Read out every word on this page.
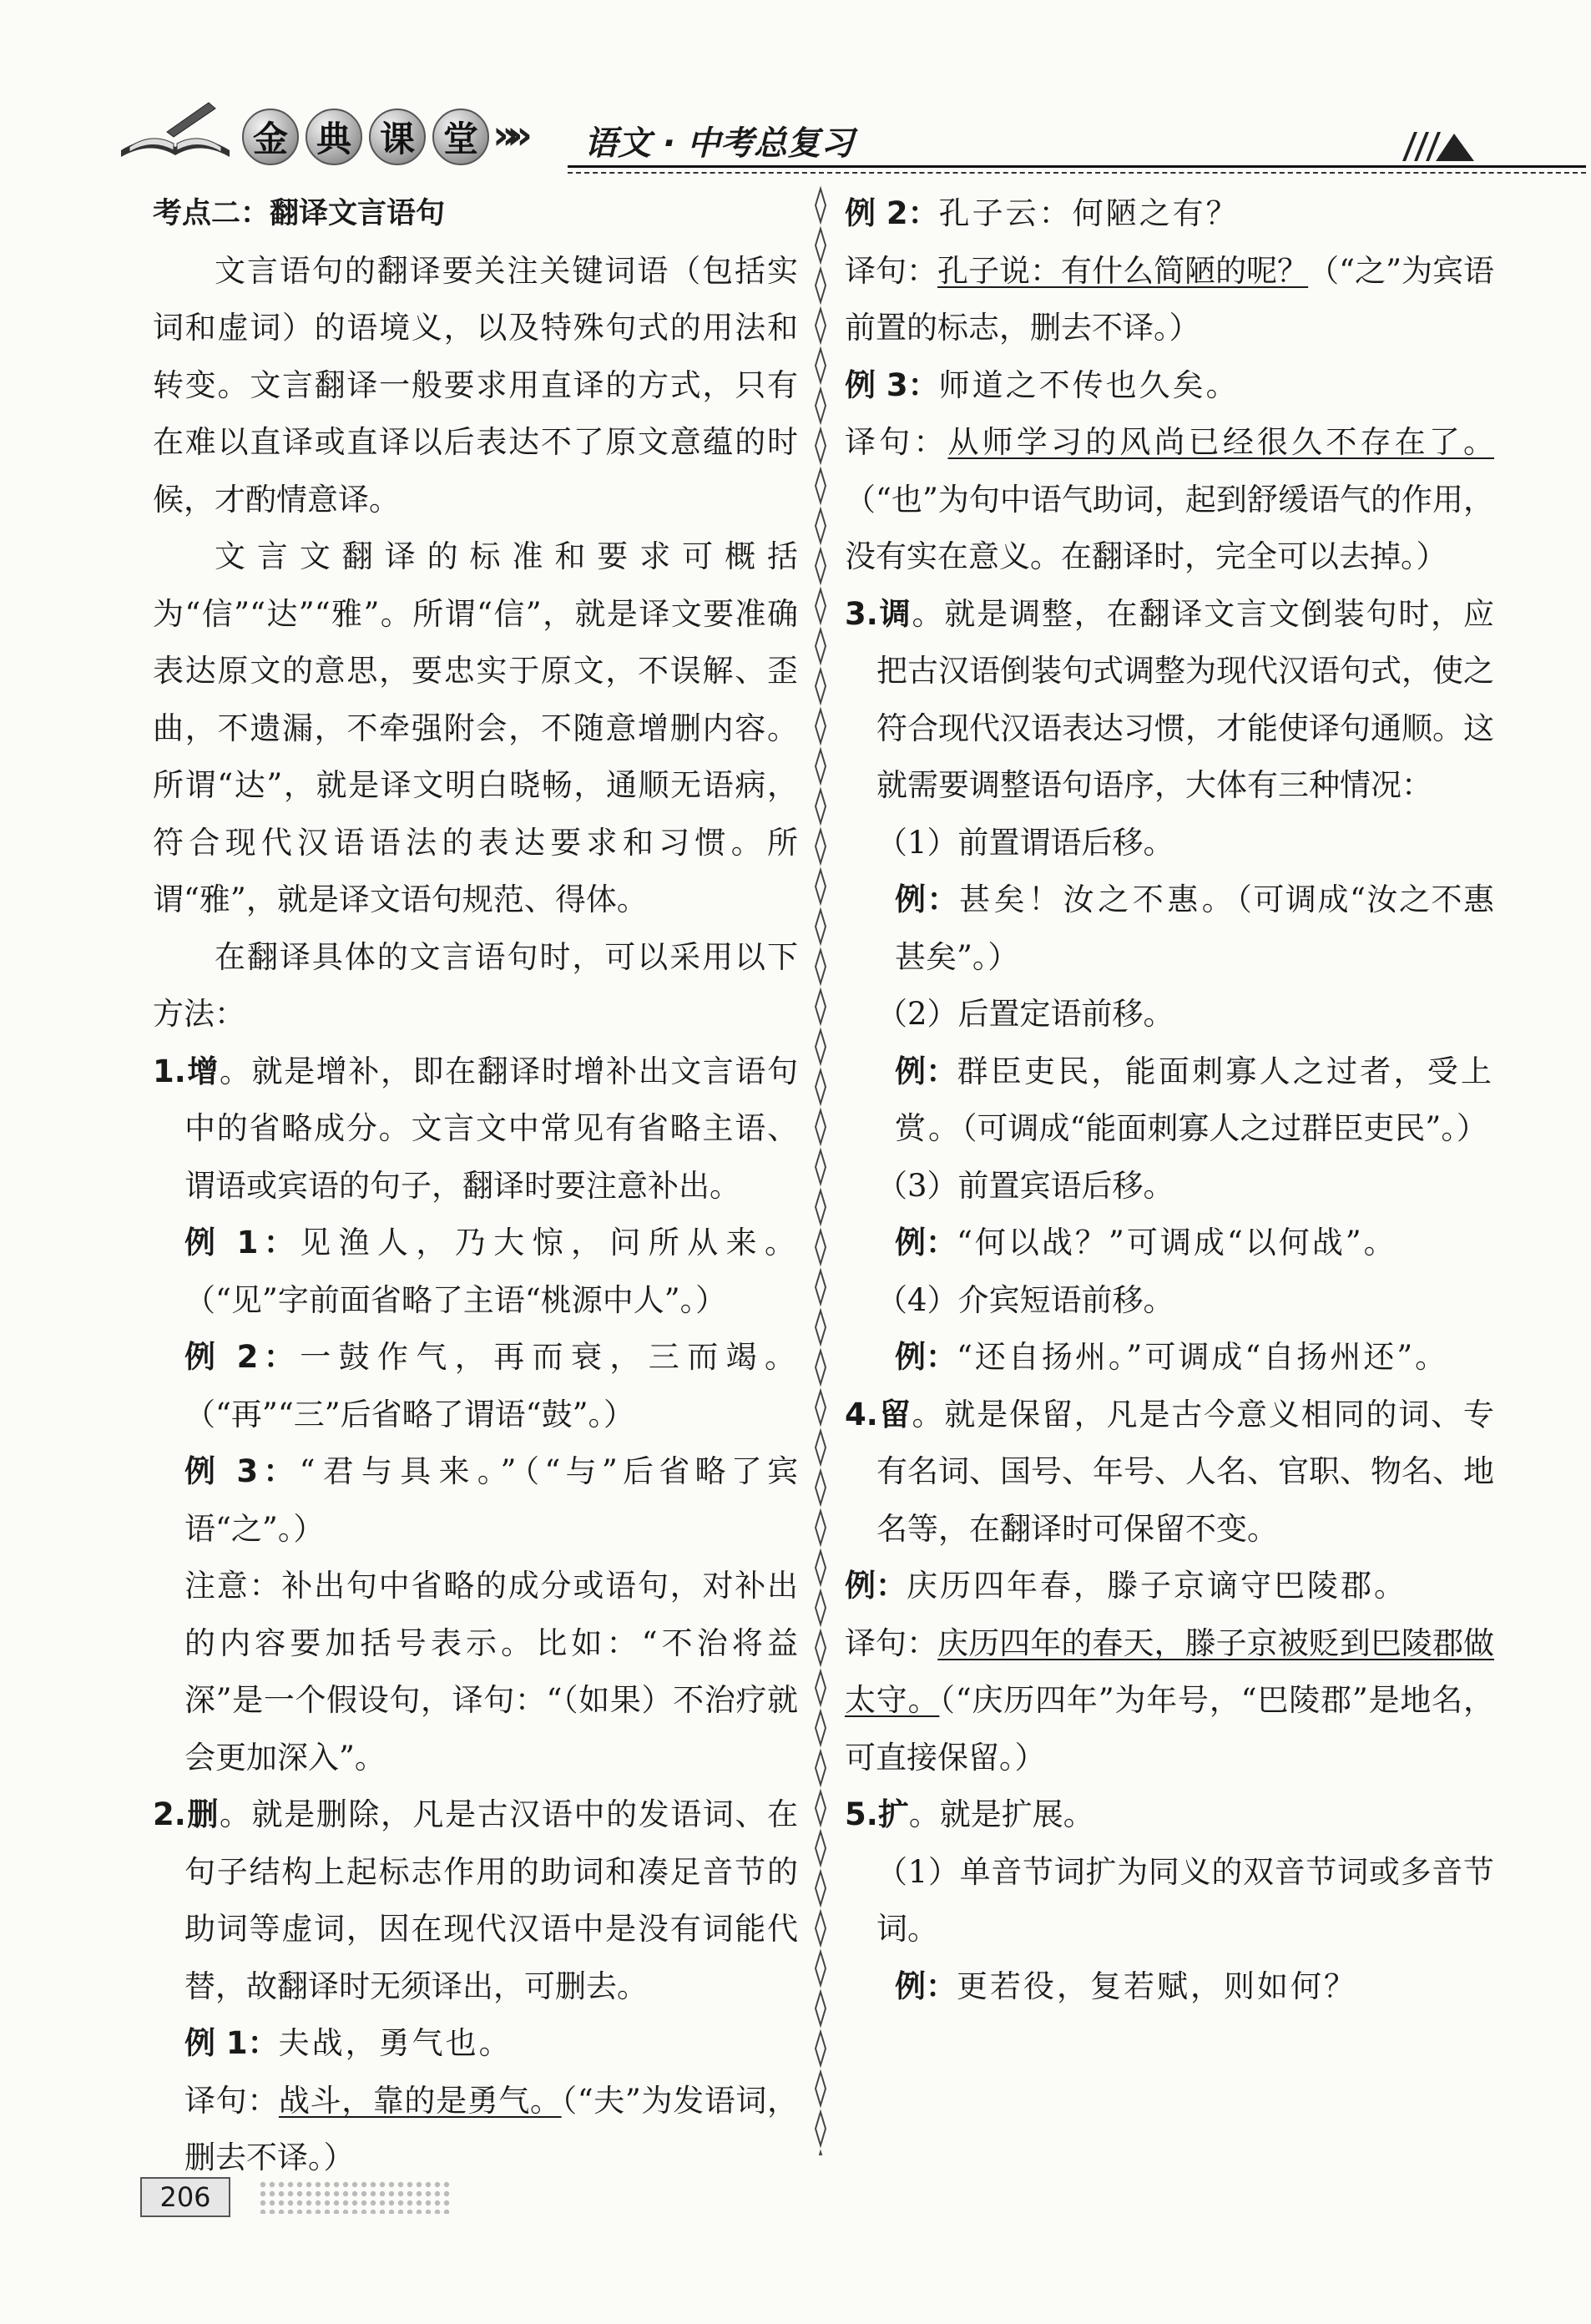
金 典 课 堂 »» 语文 · 中考总复习

考点二：翻译文言语句

文言语句的翻译要关注关键词语（包括实词和虚词）的语境义，以及特殊句式的用法和转变。文言翻译一般要求用直译的方式，只有在难以直译或直译以后表达不了原文意蕴的时候，才酌情意译。

文言文翻译的标准和要求可概括为“信”“达”“雅”。所谓“信”，就是译文要准确表达原文的意思，要忠实于原文，不误解、歪曲，不遗漏，不牵强附会，不随意增删内容。所谓“达”，就是译文明白晓畅，通顺无语病，符合现代汉语语法的表达要求和习惯。所谓“雅”，就是译文语句规范、得体。

在翻译具体的文言语句时，可以采用以下方法：

1.增。就是增补，即在翻译时增补出文言语句中的省略成分。文言文中常见有省略主语、谓语或宾语的句子，翻译时要注意补出。

例 1：见渔人，乃大惊，问所从来。（“见”字前面省略了主语“桃源中人”。）

例 2：一鼓作气，再而衰，三而竭。（“再”“三”后省略了谓语“鼓”。）

例 3：“君与具来。”（“与”后省略了宾语“之”。）

注意：补出句中省略的成分或语句，对补出的内容要加括号表示。比如：“不治将益深”是一个假设句，译句：“（如果）不治疗就会更加深入”。

2.删。就是删除，凡是古汉语中的发语词、在句子结构上起标志作用的助词和凑足音节的助词等虚词，因在现代汉语中是没有词能代替，故翻译时无须译出，可删去。

例 1：夫战，勇气也。

译句：战斗，靠的是勇气。（“夫”为发语词，删去不译。）

例 2：孔子云：何陋之有？

译句：孔子说：有什么简陋的呢？（“之”为宾语前置的标志，删去不译。）

例 3：师道之不传也久矣。

译句：从师学习的风尚已经很久不存在了。（“也”为句中语气助词，起到舒缓语气的作用，没有实在意义。在翻译时，完全可以去掉。）

3.调。就是调整，在翻译文言文倒装句时，应把古汉语倒装句式调整为现代汉语句式，使之符合现代汉语表达习惯，才能使译句通顺。这就需要调整语句语序，大体有三种情况：

（1）前置谓语后移。

例：甚矣！汝之不惠。（可调成“汝之不惠甚矣”。）

（2）后置定语前移。

例：群臣吏民，能面刺寡人之过者，受上赏。（可调成“能面刺寡人之过群臣吏民”。）

（3）前置宾语后移。

例：“何以战？”可调成“以何战”。

（4）介宾短语前移。

例：“还自扬州。”可调成“自扬州还”。

4.留。就是保留，凡是古今意义相同的词、专有名词、国号、年号、人名、官职、物名、地名等，在翻译时可保留不变。

例：庆历四年春，滕子京谪守巴陵郡。

译句：庆历四年的春天，滕子京被贬到巴陵郡做太守。（“庆历四年”为年号，“巴陵郡”是地名，可直接保留。）

5.扩。就是扩展。

（1）单音节词扩为同义的双音节词或多音节词。

例：更若役，复若赋，则如何？

206
